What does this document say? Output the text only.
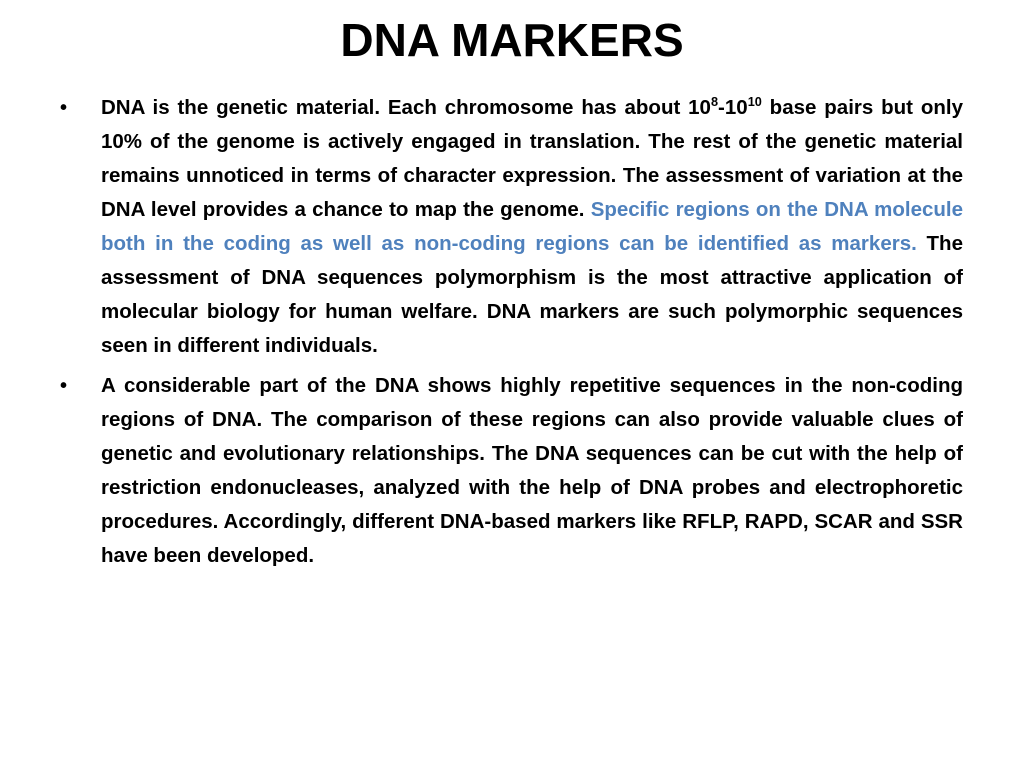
DNA MARKERS
• DNA is the genetic material. Each chromosome has about $10^8-10^{10}$ base pairs but only 10% of the genome is actively engaged in translation. The rest of the genetic material remains unnoticed in terms of character expression. The assessment of variation at the DNA level provides a chance to map the genome. Specific regions on the DNA molecule both in the coding as well as non-coding regions can be identified as markers. The assessment of DNA sequences polymorphism is the most attractive application of molecular biology for human welfare. DNA markers are such polymorphic sequences seen in different individuals.
• A considerable part of the DNA shows highly repetitive sequences in the non-coding regions of DNA. The comparison of these regions can also provide valuable clues of genetic and evolutionary relationships. The DNA sequences can be cut with the help of restriction endonucleases, analyzed with the help of DNA probes and electrophoretic procedures. Accordingly, different DNA-based markers like RFLP, RAPD, SCAR and SSR have been developed.
